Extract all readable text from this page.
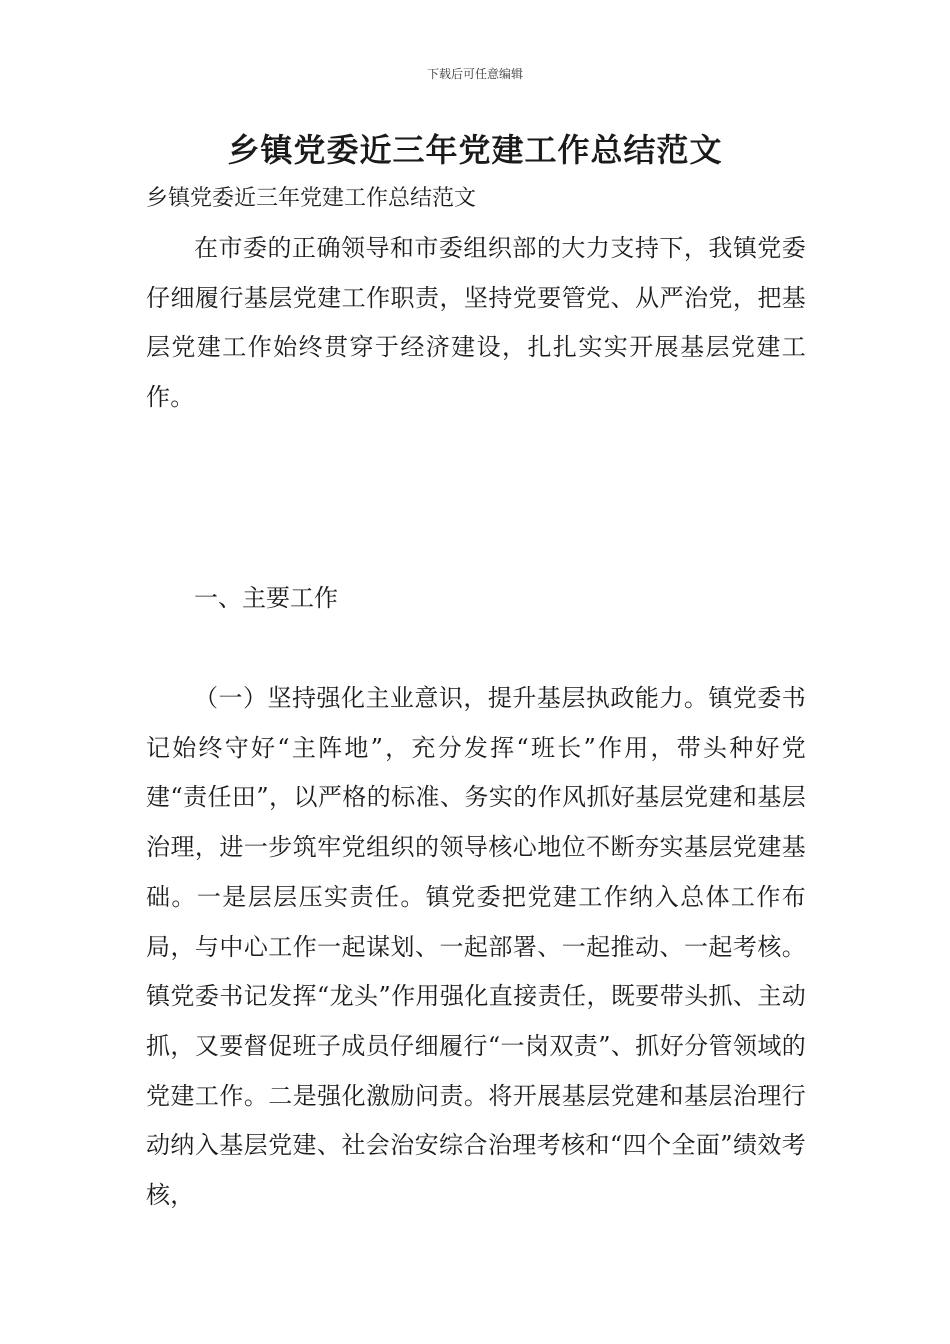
下载后可任意编辑
乡镇党委近三年党建工作总结范文

乡镇党委近三年党建工作总结范文

在市委的正确领导和市委组织部的大力支持下，我镇党委仔细履行基层党建工作职责，坚持党要管党、从严治党，把基层党建工作始终贯穿于经济建设，扎扎实实开展基层党建工作。

一、主要工作

（一）坚持强化主业意识，提升基层执政能力。镇党委书记始终守好“主阵地”，充分发挥“班长”作用，带头种好党建“责任田”，以严格的标准、务实的作风抓好基层党建和基层治理，进一步筑牢党组织的领导核心地位不断夯实基层党建基础。一是层层压实责任。镇党委把党建工作纳入总体工作布局，与中心工作一起谋划、一起部署、一起推动、一起考核。镇党委书记发挥“龙头”作用强化直接责任，既要带头抓、主动抓，又要督促班子成员仔细履行“一岗双责”、抓好分管领域的党建工作。二是强化激励问责。将开展基层党建和基层治理行动纳入基层党建、社会治安综合治理考核和“四个全面”绩效考核，
